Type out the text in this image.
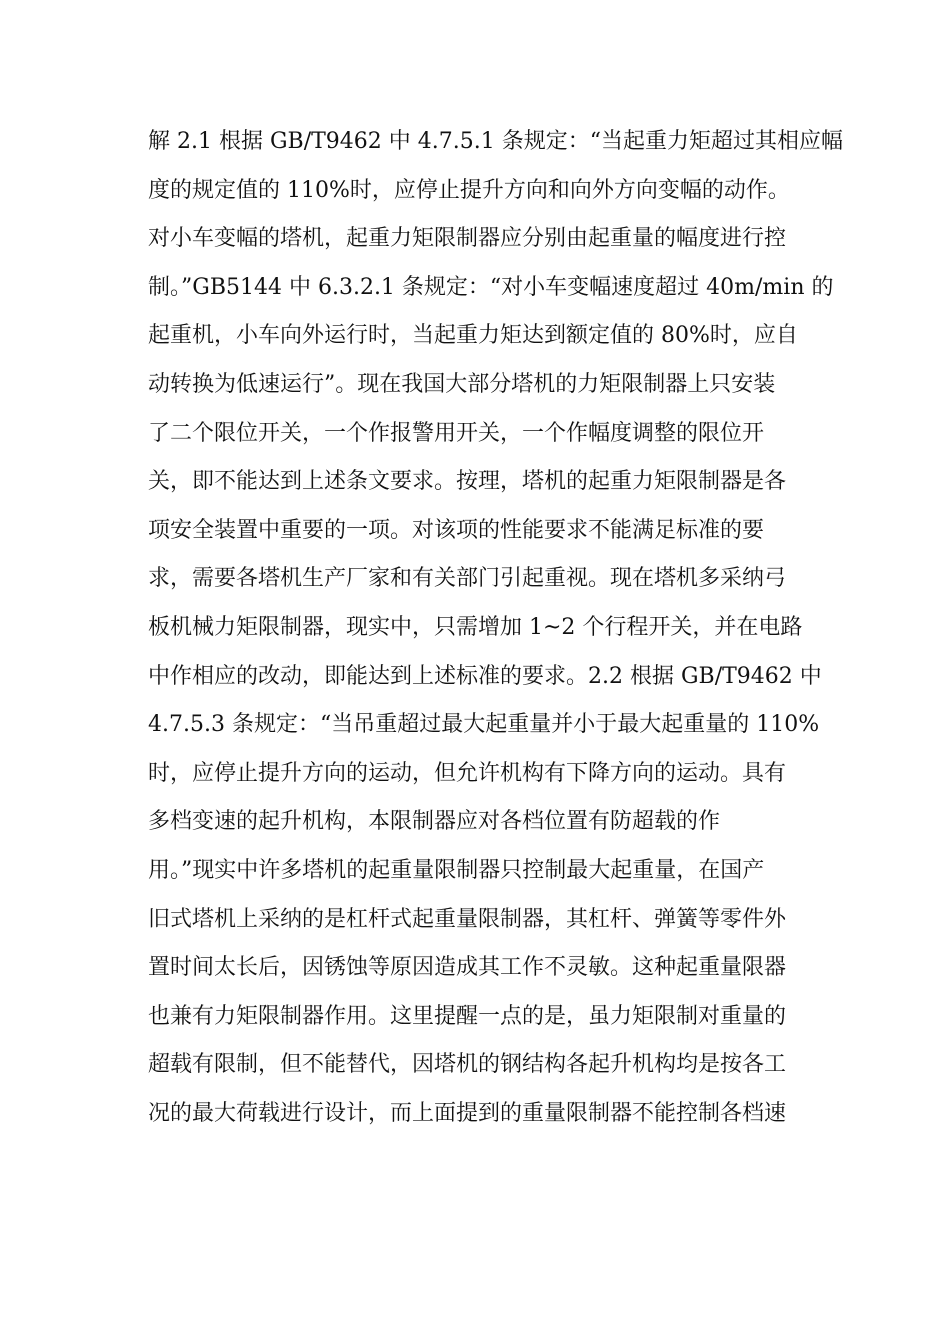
解 2.1 根据 GB/T9462 中 4.7.5.1 条规定：“当起重力矩超过其相应幅
度的规定值的 110%时，应停止提升方向和向外方向变幅的动作。
对小车变幅的塔机，起重力矩限制器应分别由起重量的幅度进行控
制。”GB5144 中 6.3.2.1 条规定：“对小车变幅速度超过 40m/min 的
起重机，小车向外运行时，当起重力矩达到额定值的 80%时，应自
动转换为低速运行”。现在我国大部分塔机的力矩限制器上只安装
了二个限位开关，一个作报警用开关，一个作幅度调整的限位开
关，即不能达到上述条文要求。按理，塔机的起重力矩限制器是各
项安全装置中重要的一项。对该项的性能要求不能满足标准的要
求，需要各塔机生产厂家和有关部门引起重视。现在塔机多采纳弓
板机械力矩限制器，现实中，只需增加 1~2 个行程开关，并在电路
中作相应的改动，即能达到上述标准的要求。2.2 根据 GB/T9462 中
4.7.5.3 条规定：“当吊重超过最大起重量并小于最大起重量的 110%
时，应停止提升方向的运动，但允许机构有下降方向的运动。具有
多档变速的起升机构，本限制器应对各档位置有防超载的作
用。”现实中许多塔机的起重量限制器只控制最大起重量，在国产
旧式塔机上采纳的是杠杆式起重量限制器，其杠杆、弹簧等零件外
置时间太长后，因锈蚀等原因造成其工作不灵敏。这种起重量限器
也兼有力矩限制器作用。这里提醒一点的是，虽力矩限制对重量的
超载有限制，但不能替代，因塔机的钢结构各起升机构均是按各工
况的最大荷载进行设计，而上面提到的重量限制器不能控制各档速
